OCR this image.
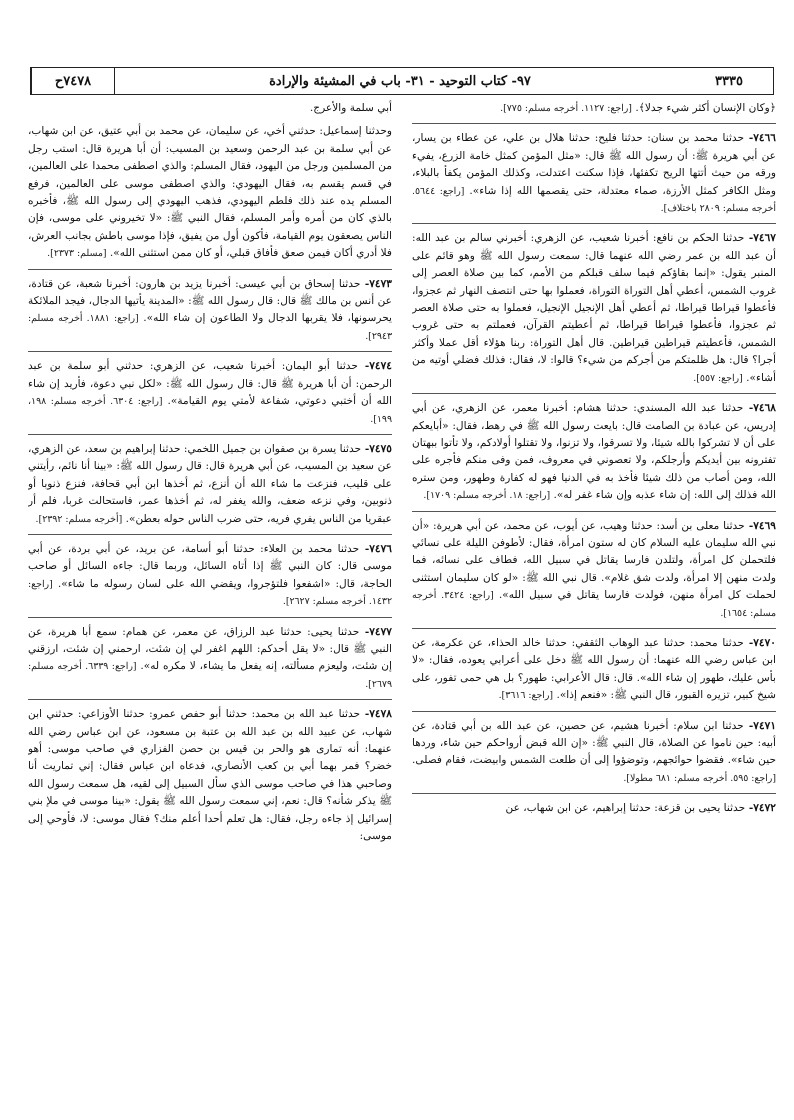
٣٣٣٥
٩٧- كتاب التوحيد - ٣١- باب في المشيئة والإرادة
٧٤٧٨ح

﴿وكان الإنسان أكثر شيء جدلا﴾. [راجع: ١١٢٧. أخرجه مسلم: ٧٧٥].

٧٤٦٦- حدثنا محمد بن سنان: حدثنا فليح: حدثنا هلال بن علي، عن عطاء بن يسار، عن أبي هريرة ﷺ: أن رسول الله ﷺ قال: «مثل المؤمن كمثل خامة الزرع، يفيء ورقه من حيث أتتها الريح تكفئها، فإذا سكنت اعتدلت، وكذلك المؤمن يكفأ بالبلاء، ومثل الكافر كمثل الأرزة، صماء معتدلة، حتى يقصمها الله إذا شاء». [راجع: ٥٦٤٤. أخرجه مسلم: ٢٨٠٩ باختلاف].

٧٤٦٧- حدثنا الحكم بن نافع: أخبرنا شعيب، عن الزهري: أخبرني سالم بن عبد الله: أن عبد الله بن عمر رضي الله عنهما قال: سمعت رسول الله ﷺ وهو قائم على المنبر يقول: «إنما بقاؤكم فيما سلف قبلكم من الأمم، كما بين صلاة العصر إلى غروب الشمس، أعطي أهل التوراة التوراة، فعملوا بها حتى انتصف النهار ثم عجزوا، فأعطوا قيراطا قيراطا، ثم أعطي أهل الإنجيل الإنجيل، فعملوا به حتى صلاة العصر ثم عجزوا، فأعطوا قيراطا قيراطا، ثم أعطيتم القرآن، فعملتم به حتى غروب الشمس، فأعطيتم قيراطين قيراطين. قال أهل التوراة: ربنا هؤلاء أقل عملا وأكثر أجرا؟ قال: هل ظلمتكم من أجركم من شيء؟ قالوا: لا، فقال: فذلك فضلي أوتيه من أشاء». [راجع: ٥٥٧].

٧٤٦٨- حدثنا عبد الله المسندي: حدثنا هشام: أخبرنا معمر، عن الزهري، عن أبي إدريس، عن عبادة بن الصامت قال: بايعت رسول الله ﷺ في رهط، فقال: «أبايعكم على أن لا تشركوا بالله شيئا، ولا تسرقوا، ولا تزنوا، ولا تقتلوا أولادكم، ولا تأتوا ببهتان تفترونه بين أيديكم وأرجلكم، ولا تعصوني في معروف، فمن وفى منكم فأجره على الله، ومن أصاب من ذلك شيئا فأخذ به في الدنيا فهو له كفارة وطهور، ومن ستره الله فذلك إلى الله: إن شاء عذبه وإن شاء غفر له». [راجع: ١٨. أخرجه مسلم: ١٧٠٩].

٧٤٦٩- حدثنا معلى بن أسد: حدثنا وهيب، عن أيوب، عن محمد، عن أبي هريرة: «أن نبي الله سليمان عليه السلام كان له ستون امرأة، فقال: لأطوفن الليلة على نسائي فلتحملن كل امرأة، ولتلدن فارسا يقاتل في سبيل الله، فطاف على نسائه، فما ولدت منهن إلا امرأة، ولدت شق غلام». قال نبي الله ﷺ: «لو كان سليمان استثنى لحملت كل امرأة منهن، فولدت فارسا يقاتل في سبيل الله». [راجع: ٣٤٢٤. أخرجه مسلم: ١٦٥٤].

٧٤٧٠- حدثنا محمد: حدثنا عبد الوهاب الثقفي: حدثنا خالد الحذاء، عن عكرمة، عن ابن عباس رضي الله عنهما: أن رسول الله ﷺ دخل على أعرابي يعوده، فقال: «لا بأس عليك، طهور إن شاء الله». قال: قال الأعرابي: طهور؟ بل هي حمى تفور، على شيخ كبير، تزيره القبور، قال النبي ﷺ: «فنعم إذا». [راجع: ٣٦١٦].

٧٤٧١- حدثنا ابن سلام: أخبرنا هشيم، عن حصين، عن عبد الله بن أبي قتادة، عن أبيه: حين ناموا عن الصلاة، قال النبي ﷺ: «إن الله قبض أرواحكم حين شاء، وردها حين شاء». فقضوا حوائجهم، وتوضؤوا إلى أن طلعت الشمس وابيضت، فقام فصلى. [راجع: ٥٩٥. أخرجه مسلم: ٦٨١ مطولا].

٧٤٧٢- حدثنا يحيى بن قزعة: حدثنا إبراهيم، عن ابن شهاب، عن

أبي سلمة والأعرج.

وحدثنا إسماعيل: حدثني أخي، عن سليمان، عن محمد بن أبي عتيق، عن ابن شهاب، عن أبي سلمة بن عبد الرحمن وسعيد بن المسيب: أن أبا هريرة قال: استب رجل من المسلمين ورجل من اليهود، فقال المسلم: والذي اصطفى محمدا على العالمين، في قسم يقسم به، فقال اليهودي: والذي اصطفى موسى على العالمين، فرفع المسلم يده عند ذلك فلطم اليهودي، فذهب اليهودي إلى رسول الله ﷺ، فأخبره بالذي كان من أمره وأمر المسلم، فقال النبي ﷺ: «لا تخيروني على موسى، فإن الناس يصعقون يوم القيامة، فأكون أول من يفيق، فإذا موسى باطش بجانب العرش، فلا أدري أكان فيمن صعق فأفاق قبلي، أو كان ممن استثنى الله». [مسلم: ٢٣٧٣].

٧٤٧٣- حدثنا إسحاق بن أبي عيسى: أخبرنا يزيد بن هارون: أخبرنا شعبة، عن قتادة، عن أنس بن مالك ﷺ قال: قال رسول الله ﷺ: «المدينة يأتيها الدجال، فيجد الملائكة يحرسونها، فلا يقربها الدجال ولا الطاعون إن شاء الله». [راجع: ١٨٨١. أخرجه مسلم: ٢٩٤٣].

٧٤٧٤- حدثنا أبو اليمان: أخبرنا شعيب، عن الزهري: حدثني أبو سلمة بن عبد الرحمن: أن أبا هريرة ﷺ قال: قال رسول الله ﷺ: «لكل نبي دعوة، فأريد إن شاء الله أن أختبي دعوتي، شفاعة لأمتي يوم القيامة». [راجع: ٦٣٠٤. أخرجه مسلم: ١٩٨، ١٩٩].

٧٤٧٥- حدثنا يسرة بن صفوان بن جميل اللخمي: حدثنا إبراهيم بن سعد، عن الزهري، عن سعيد بن المسيب، عن أبي هريرة قال: قال رسول الله ﷺ: «بينا أنا نائم، رأيتني على قليب، فنزعت ما شاء الله أن أنزع، ثم أخذها ابن أبي قحافة، فنزع ذنوبا أو ذنوبين، وفي نزعه ضعف، والله يغفر له، ثم أخذها عمر، فاستحالت غربا، فلم أر عبقريا من الناس يفري فريه، حتى ضرب الناس حوله بعطن». [أخرجه مسلم: ٢٣٩٢].

٧٤٧٦- حدثنا محمد بن العلاء: حدثنا أبو أسامة، عن بريد، عن أبي بردة، عن أبي موسى قال: كان النبي ﷺ إذا أتاه السائل، وربما قال: جاءه السائل أو صاحب الحاجة، قال: «اشفعوا فلتؤجروا، ويقضي الله على لسان رسوله ما شاء». [راجع: ١٤٣٢. أخرجه مسلم: ٢٦٢٧].

٧٤٧٧- حدثنا يحيى: حدثنا عبد الرزاق، عن معمر، عن همام: سمع أبا هريرة، عن النبي ﷺ قال: «لا يقل أحدكم: اللهم اغفر لي إن شئت، ارحمني إن شئت، ارزقني إن شئت، وليعزم مسألته، إنه يفعل ما يشاء، لا مكره له». [راجع: ٦٣٣٩. أخرجه مسلم: ٢٦٧٩].

٧٤٧٨- حدثنا عبد الله بن محمد: حدثنا أبو حفص عمرو: حدثنا الأوزاعي: حدثني ابن شهاب، عن عبيد الله بن عبد الله بن عتبة بن مسعود، عن ابن عباس رضي الله عنهما: أنه تمارى هو والحر بن قيس بن حصن الفزاري في صاحب موسى: أهو خضر؟ فمر بهما أبي بن كعب الأنصاري، فدعاه ابن عباس فقال: إني تماريت أنا وصاحبي هذا في صاحب موسى الذي سأل السبيل إلى لقيه، هل سمعت رسول الله ﷺ يذكر شأنه؟ قال: نعم، إني سمعت رسول الله ﷺ يقول: «بينا موسى في ملإ بني إسرائيل إذ جاءه رجل، فقال: هل تعلم أحدا أعلم منك؟ فقال موسى: لا، فأوحي إلى موسى:
